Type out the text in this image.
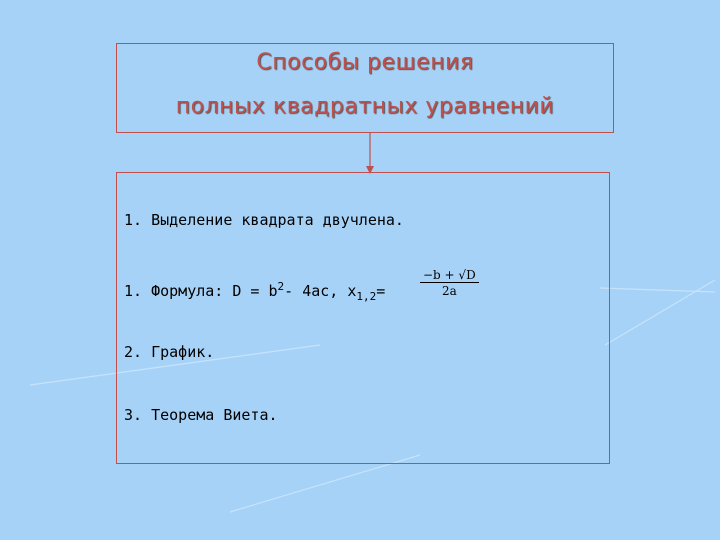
Способы решения
полных квадратных уравнений
1. Выделение квадрата двучлена.
1. Формула: $D = b^2-$ 4ac, $x_{1,2}=$	$\frac{-b + √D}{2a}$
2. График.
3. Теорема Виета.
